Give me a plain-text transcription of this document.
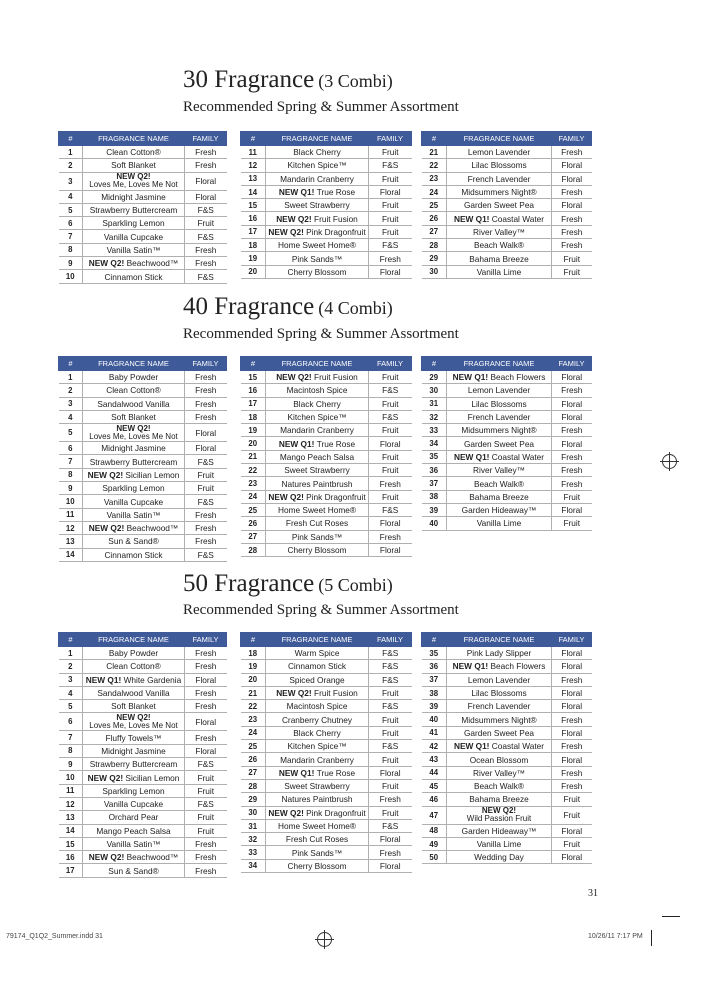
30 Fragrance (3 Combi)
Recommended Spring & Summer Assortment
#	FRAGRANCE NAME	FAMILY
1	Clean Cotton®	Fresh
2	Soft Blanket	Fresh
3	NEW Q2!
Loves Me, Loves Me Not	Floral
4	Midnight Jasmine	Floral
5	Strawberry Buttercream	F&S
6	Sparkling Lemon	Fruit
7	Vanilla Cupcake	F&S
8	Vanilla Satin™	Fresh
9	NEW Q2! Beachwood™	Fresh
10	Cinnamon Stick	F&S
#	FRAGRANCE NAME	FAMILY
11	Black Cherry	Fruit
12	Kitchen Spice™	F&S
13	Mandarin Cranberry	Fruit
14	NEW Q1! True Rose	Floral
15	Sweet Strawberry	Fruit
16	NEW Q2! Fruit Fusion	Fruit
17	NEW Q2! Pink Dragonfruit	Fruit
18	Home Sweet Home®	F&S
19	Pink Sands™	Fresh
20	Cherry Blossom	Floral
#	FRAGRANCE NAME	FAMILY
21	Lemon Lavender	Fresh
22	Lilac Blossoms	Floral
23	French Lavender	Floral
24	Midsummers Night®	Fresh
25	Garden Sweet Pea	Floral
26	NEW Q1! Coastal Water	Fresh
27	River Valley™	Fresh
28	Beach Walk®	Fresh
29	Bahama Breeze	Fruit
30	Vanilla Lime	Fruit
40 Fragrance (4 Combi)
Recommended Spring & Summer Assortment
#	FRAGRANCE NAME	FAMILY
1	Baby Powder	Fresh
2	Clean Cotton®	Fresh
3	Sandalwood Vanilla	Fresh
4	Soft Blanket	Fresh
5	NEW Q2!
Loves Me, Loves Me Not	Floral
6	Midnight Jasmine	Floral
7	Strawberry Buttercream	F&S
8	NEW Q2! Sicilian Lemon	Fruit
9	Sparkling Lemon	Fruit
10	Vanilla Cupcake	F&S
11	Vanilla Satin™	Fresh
12	NEW Q2! Beachwood™	Fresh
13	Sun & Sand®	Fresh
14	Cinnamon Stick	F&S
#	FRAGRANCE NAME	FAMILY
15	NEW Q2! Fruit Fusion	Fruit
16	Macintosh Spice	F&S
17	Black Cherry	Fruit
18	Kitchen Spice™	F&S
19	Mandarin Cranberry	Fruit
20	NEW Q1! True Rose	Floral
21	Mango Peach Salsa	Fruit
22	Sweet Strawberry	Fruit
23	Natures Paintbrush	Fresh
24	NEW Q2! Pink Dragonfruit	Fruit
25	Home Sweet Home®	F&S
26	Fresh Cut Roses	Floral
27	Pink Sands™	Fresh
28	Cherry Blossom	Floral
#	FRAGRANCE NAME	FAMILY
29	NEW Q1! Beach Flowers	Floral
30	Lemon Lavender	Fresh
31	Lilac Blossoms	Floral
32	French Lavender	Floral
33	Midsummers Night®	Fresh
34	Garden Sweet Pea	Floral
35	NEW Q1! Coastal Water	Fresh
36	River Valley™	Fresh
37	Beach Walk®	Fresh
38	Bahama Breeze	Fruit
39	Garden Hideaway™	Floral
40	Vanilla Lime	Fruit
50 Fragrance (5 Combi)
Recommended Spring & Summer Assortment
#	FRAGRANCE NAME	FAMILY
1	Baby Powder	Fresh
2	Clean Cotton®	Fresh
3	NEW Q1! White Gardenia	Floral
4	Sandalwood Vanilla	Fresh
5	Soft Blanket	Fresh
6	NEW Q2!
Loves Me, Loves Me Not	Floral
7	Fluffy Towels™	Fresh
8	Midnight Jasmine	Floral
9	Strawberry Buttercream	F&S
10	NEW Q2! Sicilian Lemon	Fruit
11	Sparkling Lemon	Fruit
12	Vanilla Cupcake	F&S
13	Orchard Pear	Fruit
14	Mango Peach Salsa	Fruit
15	Vanilla Satin™	Fresh
16	NEW Q2! Beachwood™	Fresh
17	Sun & Sand®	Fresh
#	FRAGRANCE NAME	FAMILY
18	Warm Spice	F&S
19	Cinnamon Stick	F&S
20	Spiced Orange	F&S
21	NEW Q2! Fruit Fusion	Fruit
22	Macintosh Spice	F&S
23	Cranberry Chutney	Fruit
24	Black Cherry	Fruit
25	Kitchen Spice™	F&S
26	Mandarin Cranberry	Fruit
27	NEW Q1! True Rose	Floral
28	Sweet Strawberry	Fruit
29	Natures Paintbrush	Fresh
30	NEW Q2! Pink Dragonfruit	Fruit
31	Home Sweet Home®	F&S
32	Fresh Cut Roses	Floral
33	Pink Sands™	Fresh
34	Cherry Blossom	Floral
#	FRAGRANCE NAME	FAMILY
35	Pink Lady Slipper	Floral
36	NEW Q1! Beach Flowers	Floral
37	Lemon Lavender	Fresh
38	Lilac Blossoms	Floral
39	French Lavender	Floral
40	Midsummers Night®	Fresh
41	Garden Sweet Pea	Floral
42	NEW Q1! Coastal Water	Fresh
43	Ocean Blossom	Floral
44	River Valley™	Fresh
45	Beach Walk®	Fresh
46	Bahama Breeze	Fruit
47	NEW Q2!
Wild Passion Fruit	Fruit
48	Garden Hideaway™	Floral
49	Vanilla Lime	Fruit
50	Wedding Day	Floral
31
79174_Q1Q2_Summer.indd 31	10/26/11 7:17 PM
